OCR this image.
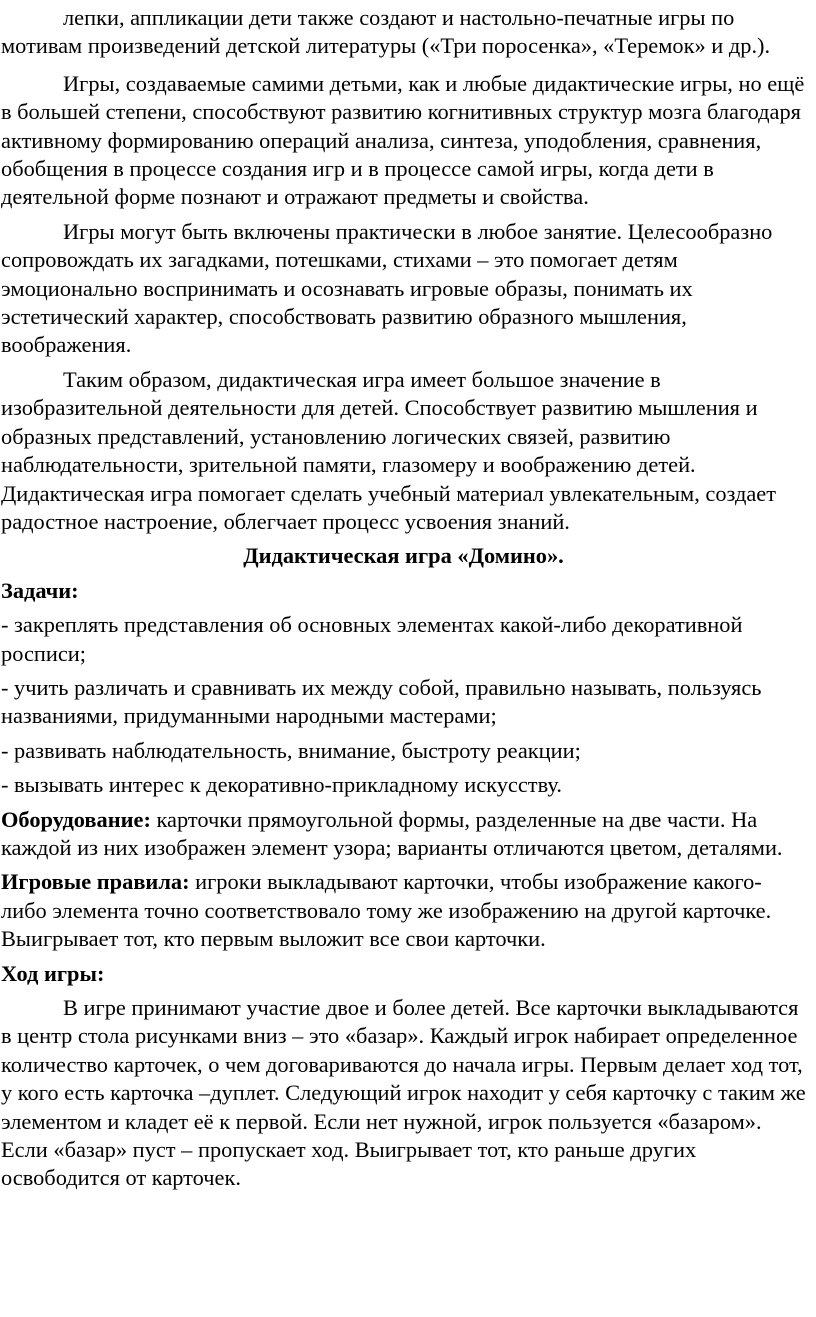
лепки, аппликации дети также создают и настольно-печатные игры по мотивам произведений детской литературы («Три поросенка», «Теремок» и др.).

Игры, создаваемые самими детьми, как и любые дидактические игры, но ещё в большей степени, способствуют развитию когнитивных структур мозга благодаря активному формированию операций анализа, синтеза, уподобления, сравнения, обобщения в процессе создания игр и в процессе самой игры, когда дети в деятельной форме познают и отражают предметы и свойства.

Игры могут быть включены практически в любое занятие. Целесообразно сопровождать их загадками, потешками, стихами – это помогает детям эмоционально воспринимать и осознавать игровые образы, понимать их эстетический характер, способствовать развитию образного мышления, воображения.

Таким образом, дидактическая игра имеет большое значение в изобразительной деятельности для детей. Способствует развитию мышления и образных представлений, установлению логических связей, развитию наблюдательности, зрительной памяти, глазомеру и воображению детей. Дидактическая игра помогает сделать учебный материал увлекательным, создает радостное настроение, облегчает процесс усвоения знаний.

Дидактическая игра «Домино».

Задачи:

- закреплять представления об основных элементах какой-либо декоративной росписи;

- учить различать и сравнивать их между собой, правильно называть, пользуясь названиями, придуманными народными мастерами;

- развивать наблюдательность, внимание, быстроту реакции;

- вызывать интерес к декоративно-прикладному искусству.

Оборудование: карточки прямоугольной формы, разделенные на две части. На каждой из них изображен элемент узора; варианты отличаются цветом, деталями.

Игровые правила: игроки выкладывают карточки, чтобы изображение какого-либо элемента точно соответствовало тому же изображению на другой карточке. Выигрывает тот, кто первым выложит все свои карточки.

Ход игры:

В игре принимают участие двое и более детей. Все карточки выкладываются в центр стола рисунками вниз – это «базар». Каждый игрок набирает определенное количество карточек, о чем договариваются до начала игры. Первым делает ход тот, у кого есть карточка –дуплет. Следующий игрок находит у себя карточку с таким же элементом и кладет её к первой. Если нет нужной, игрок пользуется «базаром». Если «базар» пуст – пропускает ход. Выигрывает тот, кто раньше других освободится от карточек.
